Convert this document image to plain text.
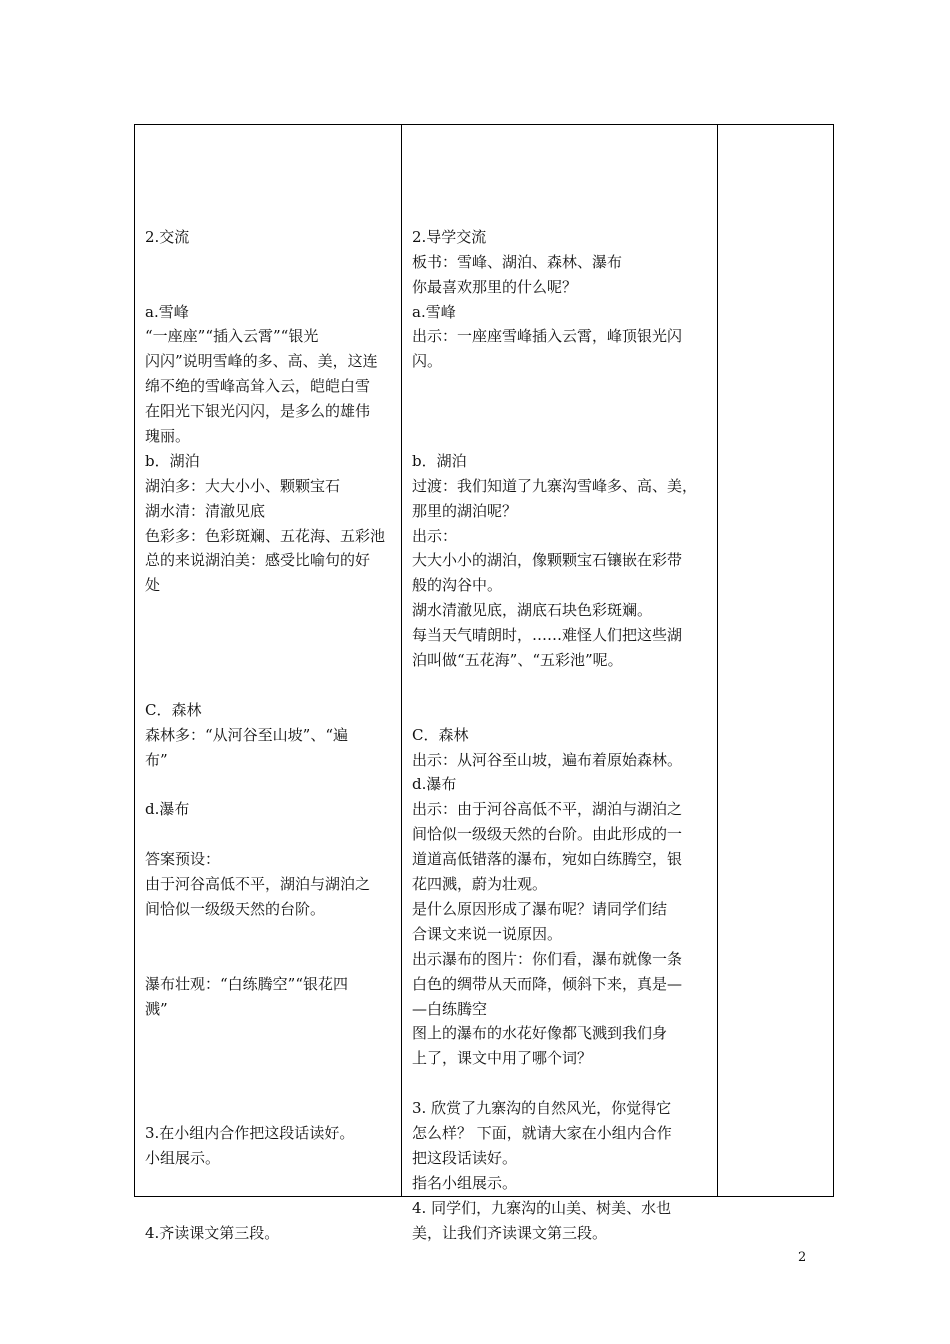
2.交流
a.雪峰
“一座座”“插入云霄”“银光
闪闪”说明雪峰的多、高、美，这连
绵不绝的雪峰高耸入云，皑皑白雪
在阳光下银光闪闪，是多么的雄伟
瑰丽。
b．湖泊
湖泊多：大大小小、颗颗宝石
湖水清：清澈见底
色彩多：色彩斑斓、五花海、五彩池
总的来说湖泊美：感受比喻句的好
处
C．森林
森林多：“从河谷至山坡”、“遍
布”
d.瀑布
答案预设：
由于河谷高低不平，湖泊与湖泊之
间恰似一级级天然的台阶。
瀑布壮观：“白练腾空”“银花四
溅”
3.在小组内合作把这段话读好。
小组展示。
4.齐读课文第三段。
2.导学交流
板书：雪峰、湖泊、森林、瀑布
你最喜欢那里的什么呢？
a.雪峰
出示：一座座雪峰插入云霄，峰顶银光闪
闪。
b．湖泊
过渡：我们知道了九寨沟雪峰多、高、美，
那里的湖泊呢？
出示：
大大小小的湖泊，像颗颗宝石镶嵌在彩带
般的沟谷中。
湖水清澈见底，湖底石块色彩斑斓。
每当天气晴朗时，……难怪人们把这些湖
泊叫做“五花海”、“五彩池”呢。
C．森林
出示：从河谷至山坡，遍布着原始森林。
d.瀑布
出示：由于河谷高低不平，湖泊与湖泊之
间恰似一级级天然的台阶。由此形成的一
道道高低错落的瀑布，宛如白练腾空，银
花四溅，蔚为壮观。
是什么原因形成了瀑布呢？请同学们结
合课文来说一说原因。
出示瀑布的图片：你们看，瀑布就像一条
白色的绸带从天而降，倾斜下来，真是—
—白练腾空
图上的瀑布的水花好像都飞溅到我们身
上了，课文中用了哪个词？
3. 欣赏了九寨沟的自然风光，你觉得它
怎么样？ 下面，就请大家在小组内合作
把这段话读好。
指名小组展示。
4. 同学们，九寨沟的山美、树美、水也
美，让我们齐读课文第三段。
2
